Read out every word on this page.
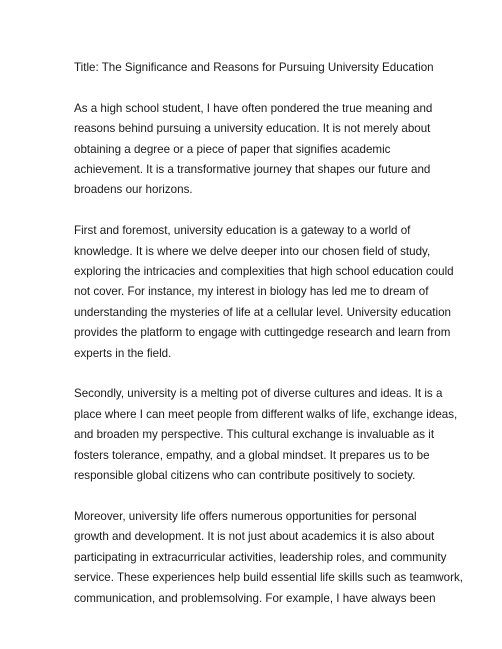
Title: The Significance and Reasons for Pursuing University Education
As a high school student, I have often pondered the true meaning and
reasons behind pursuing a university education. It is not merely about
obtaining a degree or a piece of paper that signifies academic
achievement. It is a transformative journey that shapes our future and
broadens our horizons.
First and foremost, university education is a gateway to a world of
knowledge. It is where we delve deeper into our chosen field of study,
exploring the intricacies and complexities that high school education could
not cover. For instance, my interest in biology has led me to dream of
understanding the mysteries of life at a cellular level. University education
provides the platform to engage with cuttingedge research and learn from
experts in the field.
Secondly, university is a melting pot of diverse cultures and ideas. It is a
place where I can meet people from different walks of life, exchange ideas,
and broaden my perspective. This cultural exchange is invaluable as it
fosters tolerance, empathy, and a global mindset. It prepares us to be
responsible global citizens who can contribute positively to society.
Moreover, university life offers numerous opportunities for personal
growth and development. It is not just about academics it is also about
participating in extracurricular activities, leadership roles, and community
service. These experiences help build essential life skills such as teamwork,
communication, and problemsolving. For example, I have always been
